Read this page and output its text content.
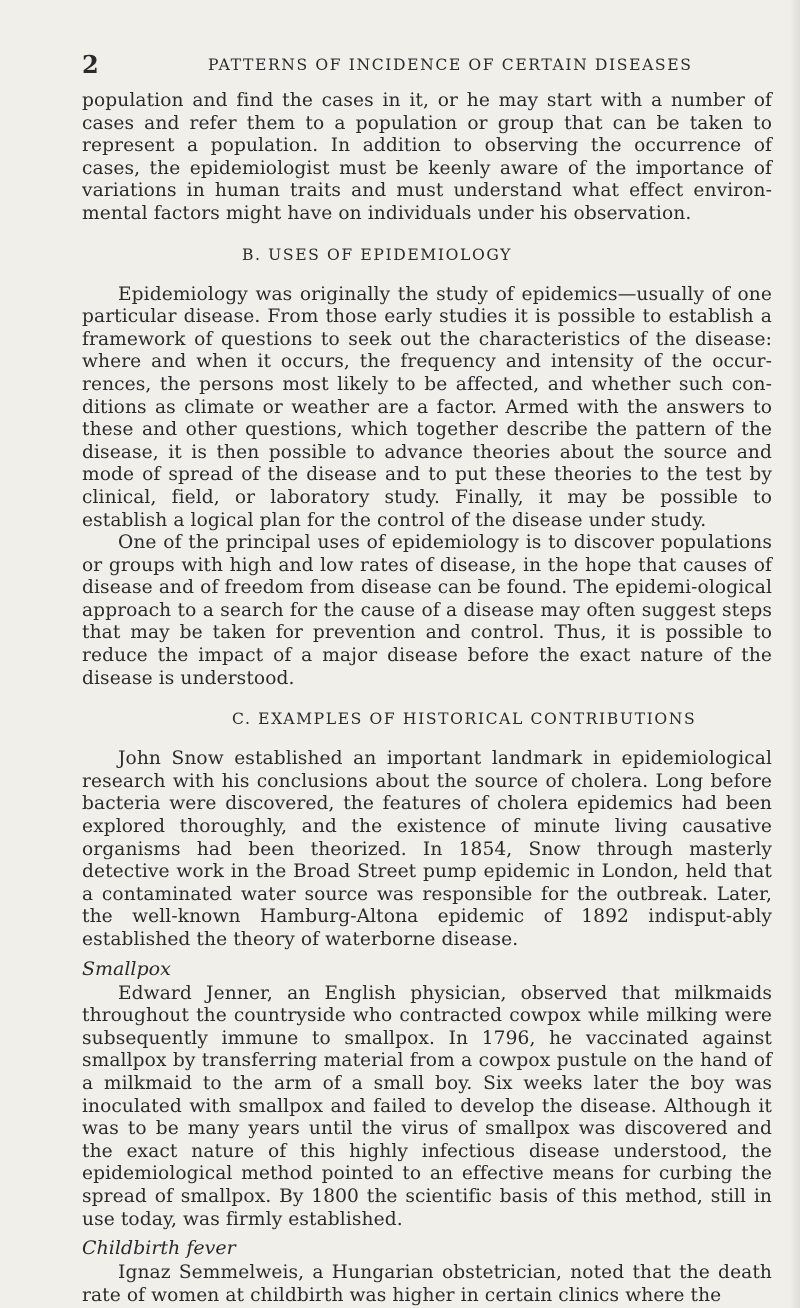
2	PATTERNS OF INCIDENCE OF CERTAIN DISEASES

population and find the cases in it, or he may start with a number of cases and refer them to a population or group that can be taken to represent a population. In addition to observing the occurrence of cases, the epidemiologist must be keenly aware of the importance of variations in human traits and must understand what effect environ-mental factors might have on individuals under his observation.

B. USES OF EPIDEMIOLOGY

Epidemiology was originally the study of epidemics—usually of one particular disease. From those early studies it is possible to establish a framework of questions to seek out the characteristics of the disease: where and when it occurs, the frequency and intensity of the occur-rences, the persons most likely to be affected, and whether such con-ditions as climate or weather are a factor. Armed with the answers to these and other questions, which together describe the pattern of the disease, it is then possible to advance theories about the source and mode of spread of the disease and to put these theories to the test by clinical, field, or laboratory study. Finally, it may be possible to establish a logical plan for the control of the disease under study.

One of the principal uses of epidemiology is to discover populations or groups with high and low rates of disease, in the hope that causes of disease and of freedom from disease can be found. The epidemi-ological approach to a search for the cause of a disease may often suggest steps that may be taken for prevention and control. Thus, it is possible to reduce the impact of a major disease before the exact nature of the disease is understood.

C. EXAMPLES OF HISTORICAL CONTRIBUTIONS

John Snow established an important landmark in epidemiological research with his conclusions about the source of cholera. Long before bacteria were discovered, the features of cholera epidemics had been explored thoroughly, and the existence of minute living causative organisms had been theorized. In 1854, Snow through masterly detective work in the Broad Street pump epidemic in London, held that a contaminated water source was responsible for the outbreak. Later, the well-known Hamburg-Altona epidemic of 1892 indisput-ably established the theory of waterborne disease.

Smallpox

Edward Jenner, an English physician, observed that milkmaids throughout the countryside who contracted cowpox while milking were subsequently immune to smallpox. In 1796, he vaccinated against smallpox by transferring material from a cowpox pustule on the hand of a milkmaid to the arm of a small boy. Six weeks later the boy was inoculated with smallpox and failed to develop the disease. Although it was to be many years until the virus of smallpox was discovered and the exact nature of this highly infectious disease understood, the epidemiological method pointed to an effective means for curbing the spread of smallpox. By 1800 the scientific basis of this method, still in use today, was firmly established.

Childbirth fever

Ignaz Semmelweis, a Hungarian obstetrician, noted that the death rate of women at childbirth was higher in certain clinics where the
